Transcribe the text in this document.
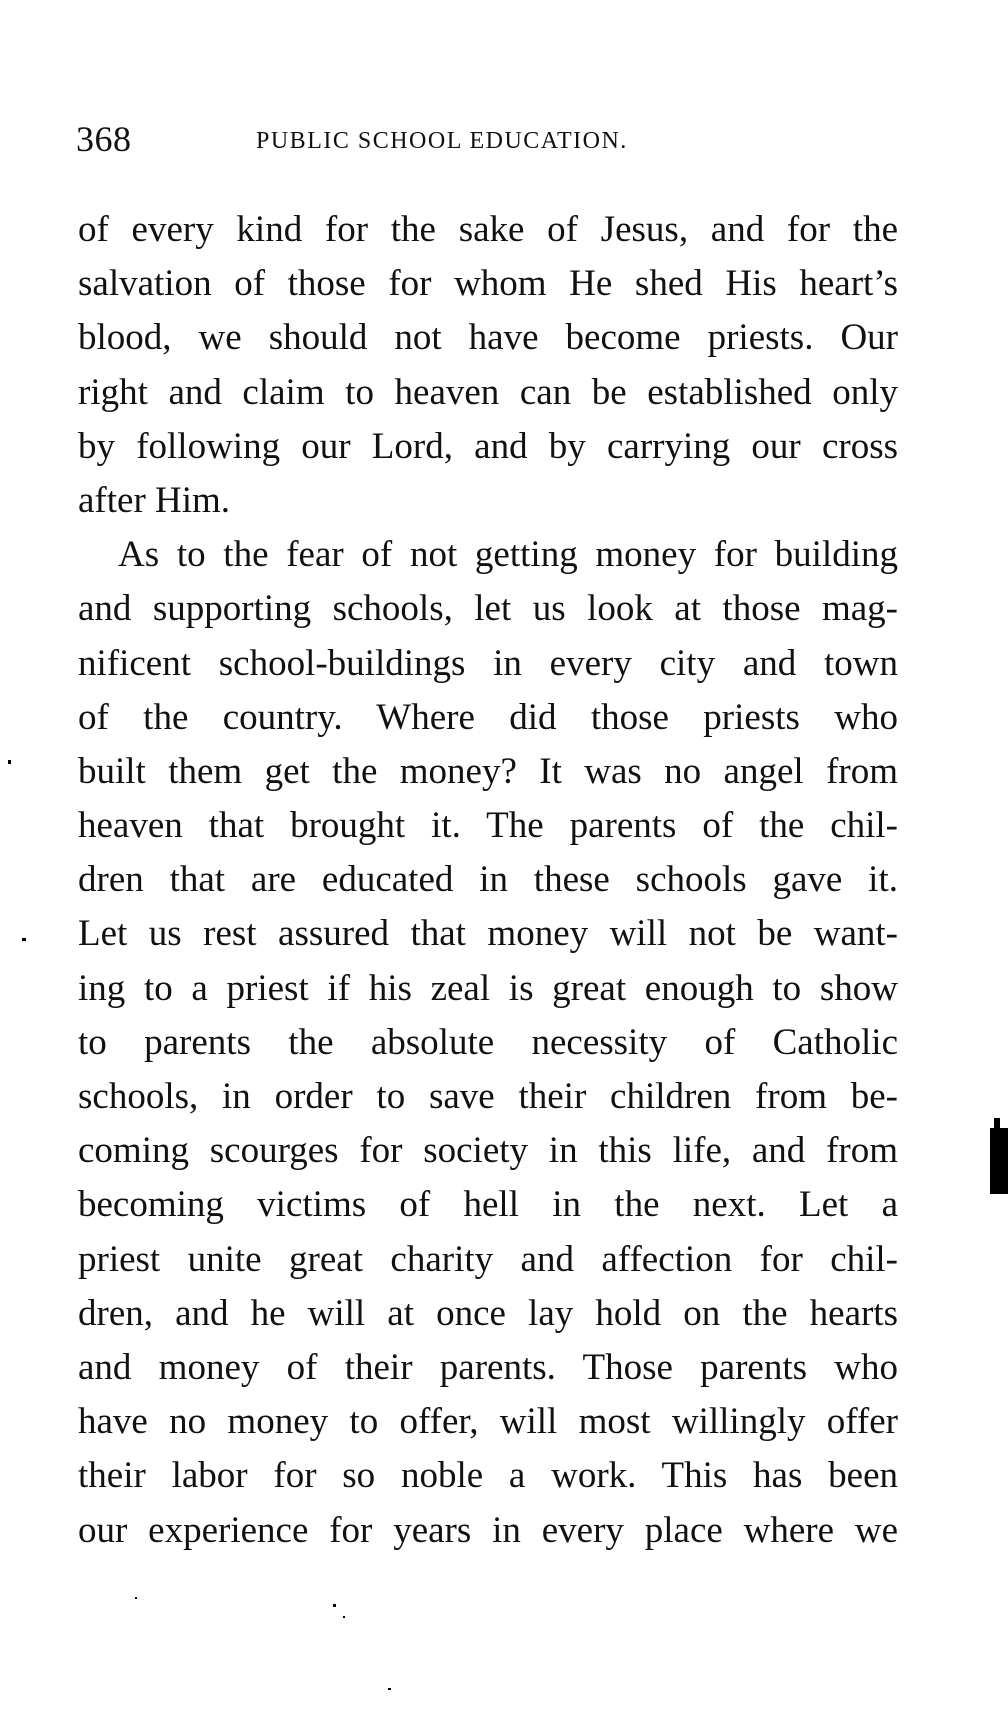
368	PUBLIC SCHOOL EDUCATION.
of every kind for the sake of Jesus, and for the
salvation of those for whom He shed His heart’s
blood, we should not have become priests. Our
right and claim to heaven can be established only
by following our Lord, and by carrying our cross
after Him.
As to the fear of not getting money for building
and supporting schools, let us look at those mag-
nificent school-buildings in every city and town
of the country. Where did those priests who
built them get the money? It was no angel from
heaven that brought it. The parents of the chil-
dren that are educated in these schools gave it.
Let us rest assured that money will not be want-
ing to a priest if his zeal is great enough to show
to parents the absolute necessity of Catholic
schools, in order to save their children from be-
coming scourges for society in this life, and from
becoming victims of hell in the next. Let a
priest unite great charity and affection for chil-
dren, and he will at once lay hold on the hearts
and money of their parents. Those parents who
have no money to offer, will most willingly offer
their labor for so noble a work. This has been
our experience for years in every place where we
